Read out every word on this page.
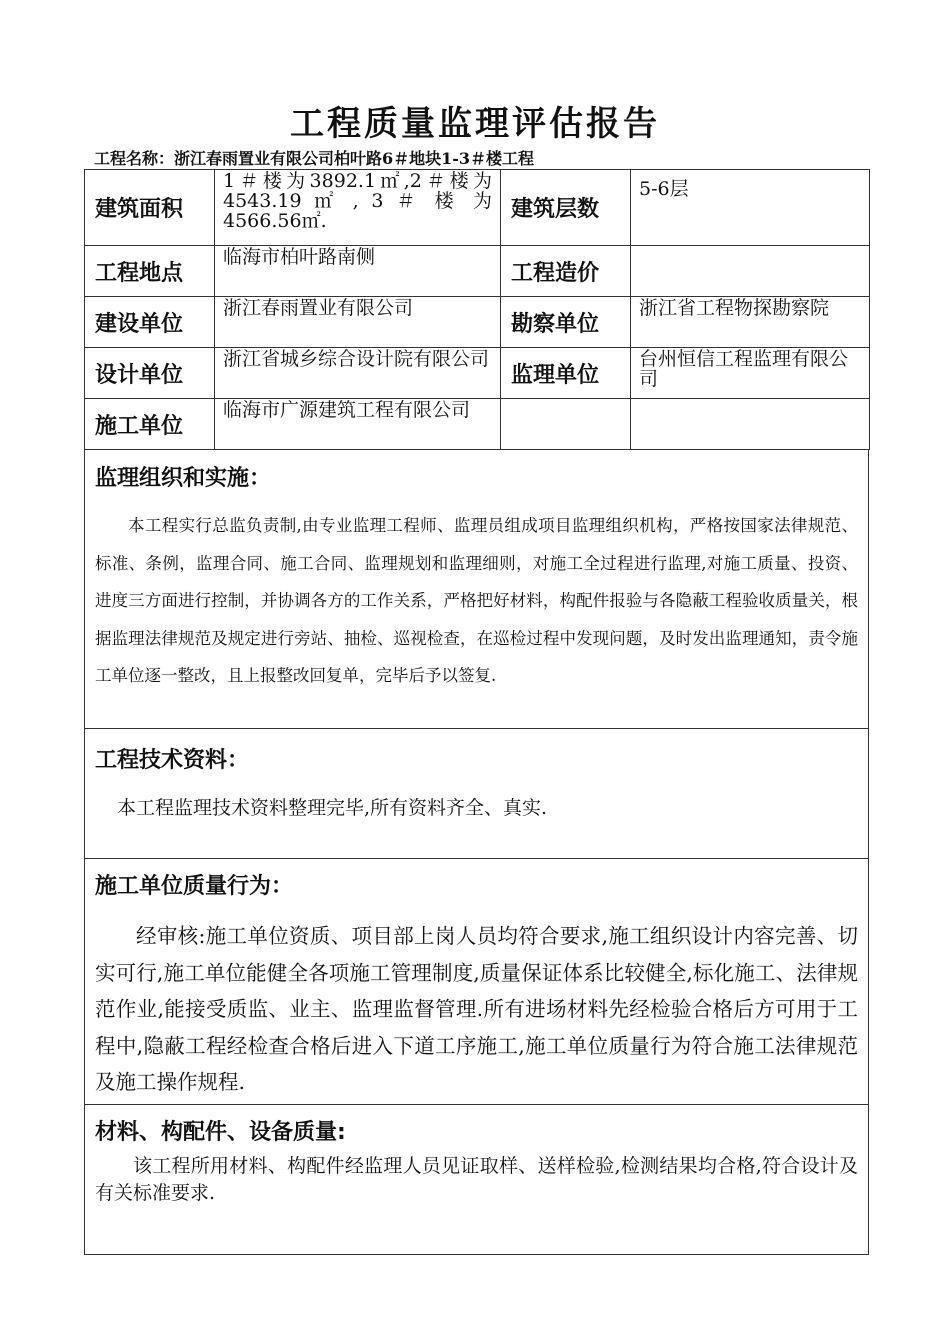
工程质量监理评估报告
工程名称：浙江春雨置业有限公司柏叶路6＃地块1-3＃楼工程
建筑面积	1＃楼为3892.1㎡,2＃楼为4543.19 ㎡ , 3 ＃ 楼 为4566.56㎡.	建筑层数	5-6层
工程地点	临海市柏叶路南侧	工程造价	
建设单位	浙江春雨置业有限公司	勘察单位	浙江省工程物探勘察院
设计单位	浙江省城乡综合设计院有限公司	监理单位	台州恒信工程监理有限公司
施工单位	临海市广源建筑工程有限公司		
监理组织和实施：
本工程实行总监负责制,由专业监理工程师、监理员组成项目监理组织机构，严格按国家法律规范、标准、条例，监理合同、施工合同、监理规划和监理细则，对施工全过程进行监理,对施工质量、投资、进度三方面进行控制，并协调各方的工作关系，严格把好材料，构配件报验与各隐蔽工程验收质量关，根据监理法律规范及规定进行旁站、抽检、巡视检查，在巡检过程中发现问题，及时发出监理通知，责令施工单位逐一整改，且上报整改回复单，完毕后予以签复.
工程技术资料：
本工程监理技术资料整理完毕,所有资料齐全、真实.
施工单位质量行为：
经审核:施工单位资质、项目部上岗人员均符合要求,施工组织设计内容完善、切实可行,施工单位能健全各项施工管理制度,质量保证体系比较健全,标化施工、法律规范作业,能接受质监、业主、监理监督管理.所有进场材料先经检验合格后方可用于工程中,隐蔽工程经检查合格后进入下道工序施工,施工单位质量行为符合施工法律规范及施工操作规程.
材料、构配件、设备质量:
该工程所用材料、构配件经监理人员见证取样、送样检验,检测结果均合格,符合设计及有关标准要求.
